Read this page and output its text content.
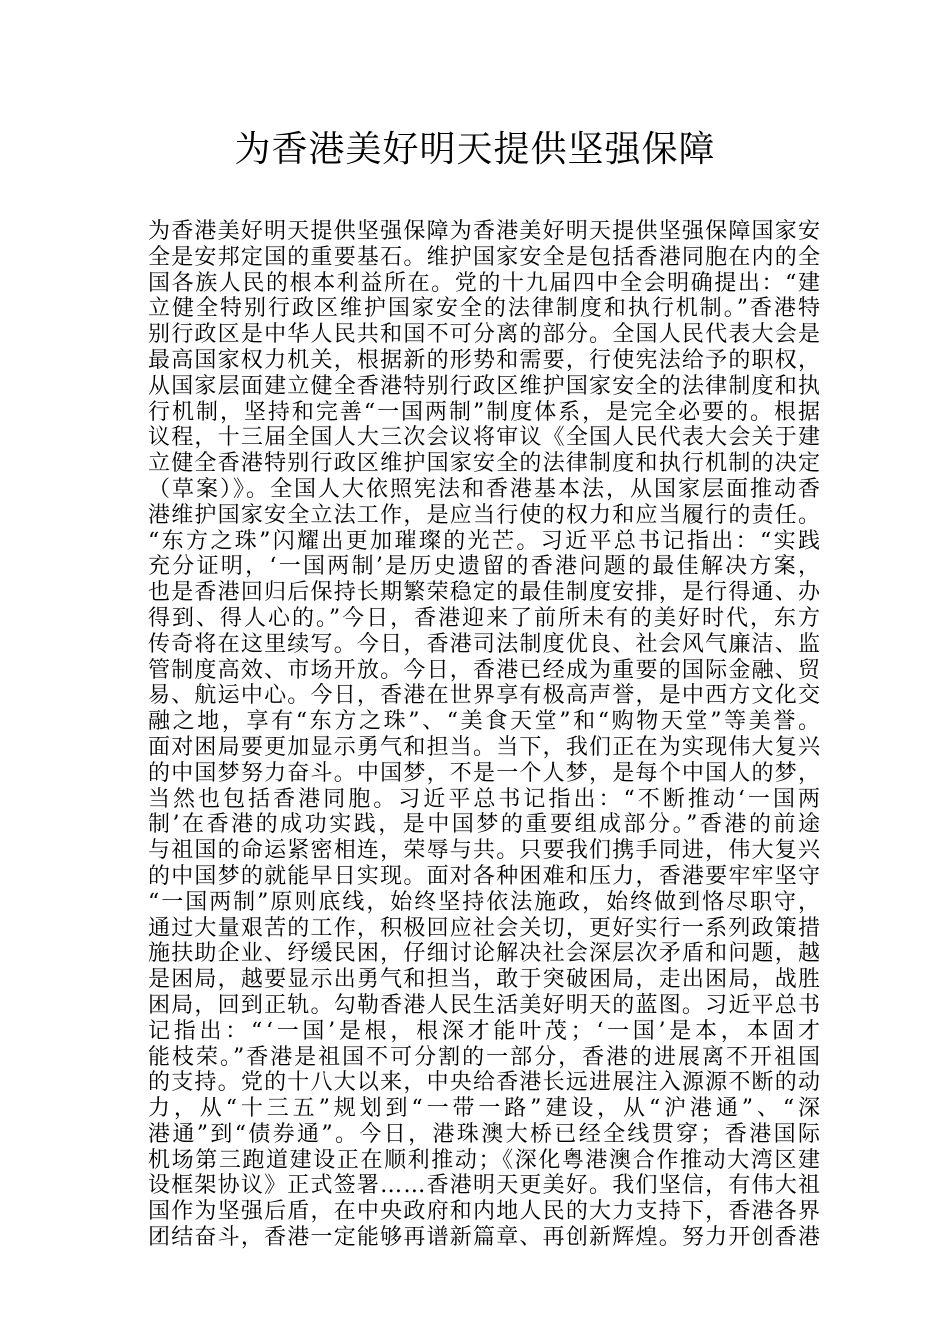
为香港美好明天提供坚强保障
为香港美好明天提供坚强保障为香港美好明天提供坚强保障国家安
全是安邦定国的重要基石。维护国家安全是包括香港同胞在内的全
国各族人民的根本利益所在。党的十九届四中全会明确提出：“建
立健全特别行政区维护国家安全的法律制度和执行机制。”香港特
别行政区是中华人民共和国不可分离的部分。全国人民代表大会是
最高国家权力机关，根据新的形势和需要，行使宪法给予的职权，
从国家层面建立健全香港特别行政区维护国家安全的法律制度和执
行机制，坚持和完善“一国两制”制度体系，是完全必要的。根据
议程，十三届全国人大三次会议将审议《全国人民代表大会关于建
立健全香港特别行政区维护国家安全的法律制度和执行机制的决定
（草案）》。全国人大依照宪法和香港基本法，从国家层面推动香
港维护国家安全立法工作，是应当行使的权力和应当履行的责任。
“东方之珠”闪耀出更加璀璨的光芒。习近平总书记指出：“实践
充分证明，‘一国两制’是历史遗留的香港问题的最佳解决方案，
也是香港回归后保持长期繁荣稳定的最佳制度安排，是行得通、办
得到、得人心的。”今日，香港迎来了前所未有的美好时代，东方
传奇将在这里续写。今日，香港司法制度优良、社会风气廉洁、监
管制度高效、市场开放。今日，香港已经成为重要的国际金融、贸
易、航运中心。今日，香港在世界享有极高声誉，是中西方文化交
融之地，享有“东方之珠”、“美食天堂”和“购物天堂”等美誉。
面对困局要更加显示勇气和担当。当下，我们正在为实现伟大复兴
的中国梦努力奋斗。中国梦，不是一个人梦，是每个中国人的梦，
当然也包括香港同胞。习近平总书记指出：“不断推动‘一国两
制’在香港的成功实践，是中国梦的重要组成部分。”香港的前途
与祖国的命运紧密相连，荣辱与共。只要我们携手同进，伟大复兴
的中国梦的就能早日实现。面对各种困难和压力，香港要牢牢坚守
“一国两制”原则底线，始终坚持依法施政，始终做到恪尽职守，
通过大量艰苦的工作，积极回应社会关切，更好实行一系列政策措
施扶助企业、纾缓民困，仔细讨论解决社会深层次矛盾和问题，越
是困局，越要显示出勇气和担当，敢于突破困局，走出困局，战胜
困局，回到正轨。勾勒香港人民生活美好明天的蓝图。习近平总书
记指出：“‘一国’是根，根深才能叶茂；‘一国’是本，本固才
能枝荣。”香港是祖国不可分割的一部分，香港的进展离不开祖国
的支持。党的十八大以来，中央给香港长远进展注入源源不断的动
力，从“十三五”规划到“一带一路”建设，从“沪港通”、“深
港通”到“债券通”。今日，港珠澳大桥已经全线贯穿；香港国际
机场第三跑道建设正在顺利推动；《深化粤港澳合作推动大湾区建
设框架协议》正式签署……香港明天更美好。我们坚信，有伟大祖
国作为坚强后盾，在中央政府和内地人民的大力支持下，香港各界
团结奋斗，香港一定能够再谱新篇章、再创新辉煌。努力开创香港
